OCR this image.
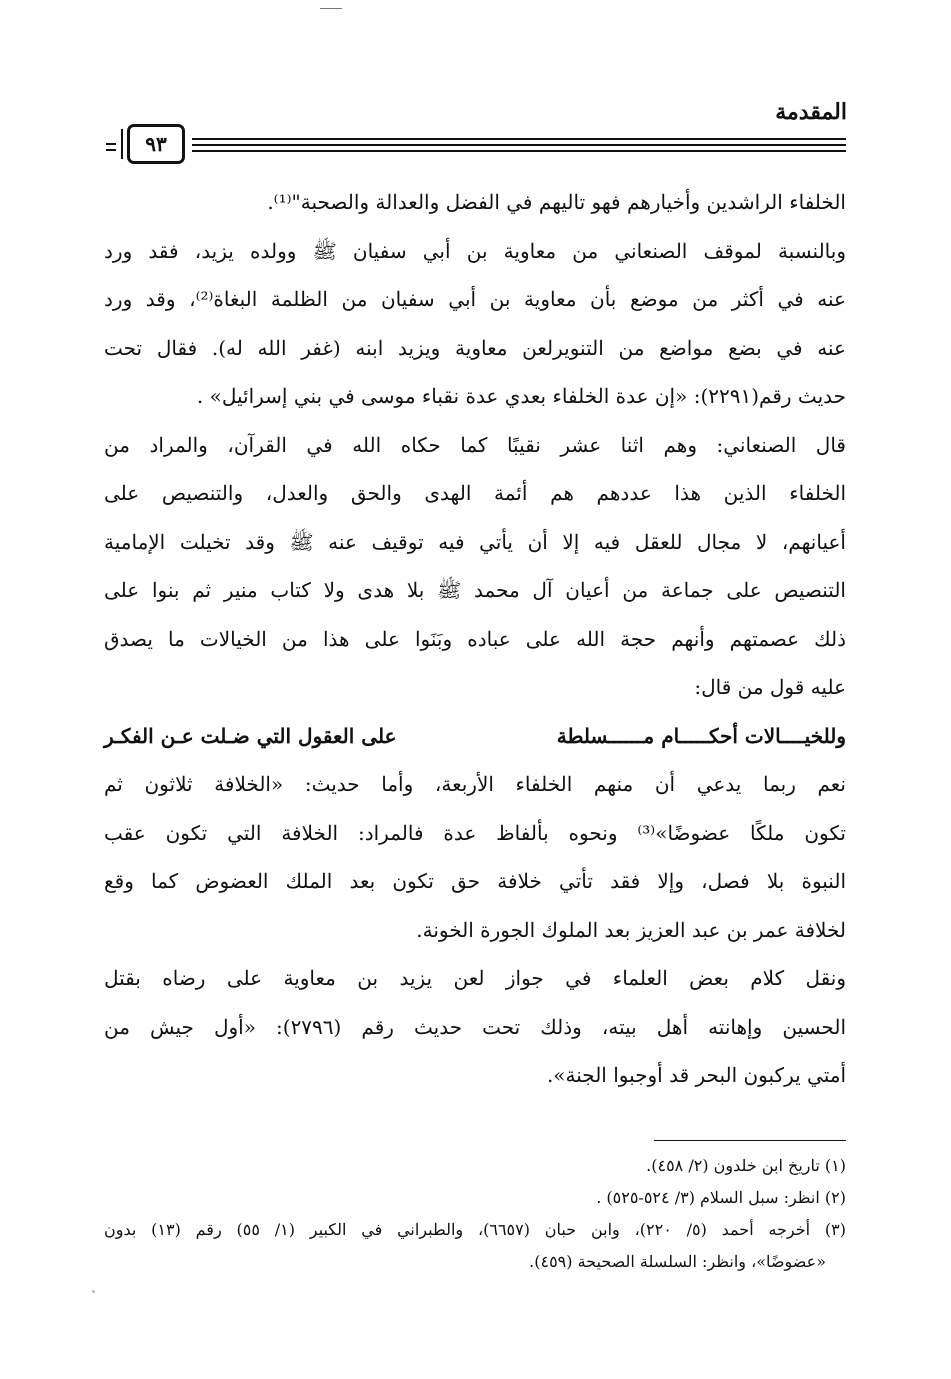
المقدمة
٩٣
الخلفاء الراشدين وأخيارهم فهو تاليهم في الفضل والعدالة والصحبة"⁽¹⁾.
وبالنسبة لموقف الصنعاني من معاوية بن أبي سفيان ﷺ وولده يزيد، فقد ورد
عنه في أكثر من موضع بأن معاوية بن أبي سفيان من الظلمة البغاة⁽²⁾، وقد ورد
عنه في بضع مواضع من التنويرلعن معاوية ويزيد ابنه (غفر الله له). فقال تحت
حديث رقم(٢٢٩١): «إن عدة الخلفاء بعدي عدة نقباء موسى في بني إسرائيل» .
قال الصنعاني: وهم اثنا عشر نقيبًا كما حكاه الله في القرآن، والمراد من
الخلفاء الذين هذا عددهم هم أئمة الهدى والحق والعدل، والتنصيص على
أعيانهم، لا مجال للعقل فيه إلا أن يأتي فيه توقيف عنه ﷺ وقد تخيلت الإمامية
التنصيص على جماعة من أعيان آل محمد ﷺ بلا هدى ولا كتاب منير ثم بنوا على
ذلك عصمتهم وأنهم حجة الله على عباده وبَنَوا على هذا من الخيالات ما يصدق
عليه قول من قال:
وللخيــــالات أحكـــــام مــــــسلطة
على العقول التي ضـلت عـن الفكـر
نعم ربما يدعي أن منهم الخلفاء الأربعة، وأما حديث: «الخلافة ثلاثون ثم
تكون ملكًا عضوضًا»⁽³⁾ ونحوه بألفاظ عدة فالمراد: الخلافة التي تكون عقب
النبوة بلا فصل، وإلا فقد تأتي خلافة حق تكون بعد الملك العضوض كما وقع
لخلافة عمر بن عبد العزيز بعد الملوك الجورة الخونة.
ونقل كلام بعض العلماء في جواز لعن يزيد بن معاوية على رضاه بقتل
الحسين وإهانته أهل بيته، وذلك تحت حديث رقم (٢٧٩٦): «أول جيش من
أمتي يركبون البحر قد أوجبوا الجنة».
(١) تاريخ ابن خلدون (٢/ ٤٥٨).
(٢) انظر: سبل السلام (٣/ ٥٢٤-٥٢٥) .
(٣) أخرجه أحمد (٥/ ٢٢٠)، وابن حبان (٦٦٥٧)، والطبراني في الكبير (١/ ٥٥) رقم (١٣) بدون
«عضوضًا»، وانظر: السلسلة الصحيحة (٤٥٩).
